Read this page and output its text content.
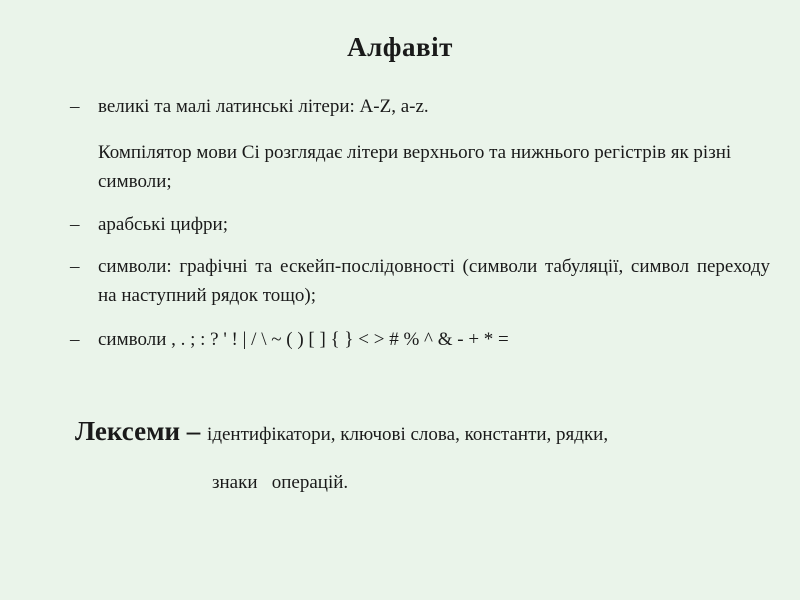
Алфавіт
– великі та малі латинські літери: A-Z, a-z.
Компілятор мови Сі розглядає літери верхнього та нижнього регістрів як різні символи;
– арабські цифри;
– символи: графічні та ескейп-послідовності (символи табуляції, символ переходу на наступний рядок тощо);
– символи , . ; : ? ' ! | / \ ~ ( ) [ ] { } < > # % ^ & - + * =
Лексеми – ідентифікатори, ключові слова, константи, рядки,
знаки   операцій.
